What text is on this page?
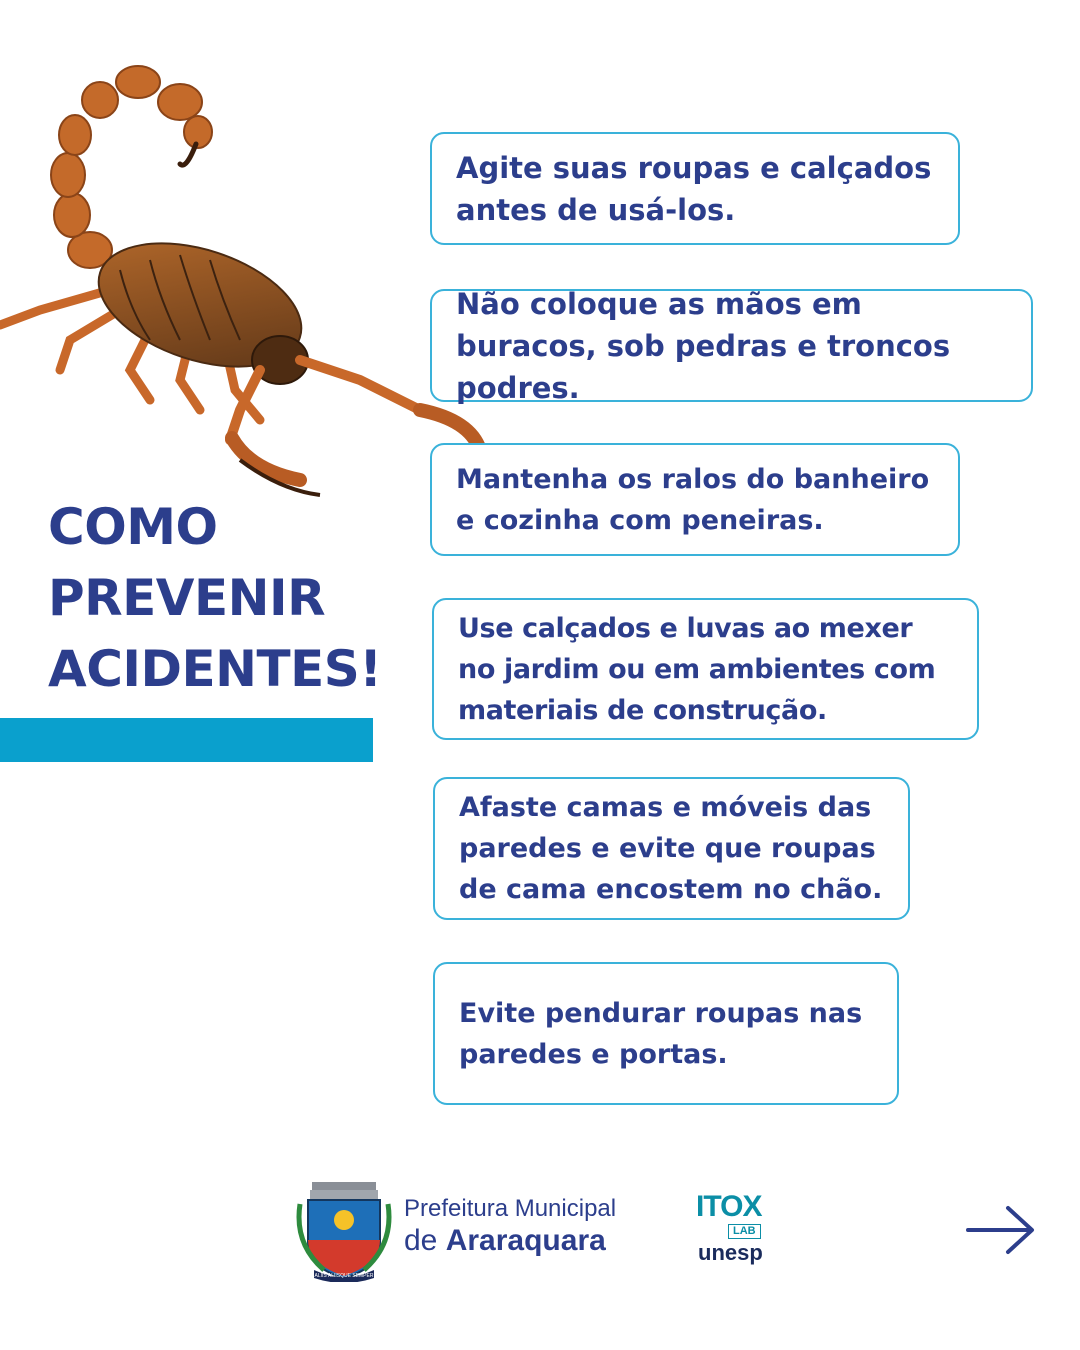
COMO
PREVENIR
ACIDENTES!
Agite suas roupas e calçados antes de usá-los.
Não coloque as mãos em buracos, sob pedras e troncos podres.
Mantenha os ralos do banheiro e cozinha com peneiras.
Use calçados e luvas ao mexer no jardim ou em ambientes com materiais de construção.
Afaste camas e móveis das paredes e evite que roupas de cama encostem no chão.
Evite pendurar roupas nas paredes e portas.
ALIIS ALIISQUE SEMPER
Prefeitura Municipal
de Araraquara
ITOX
LAB
unesp
